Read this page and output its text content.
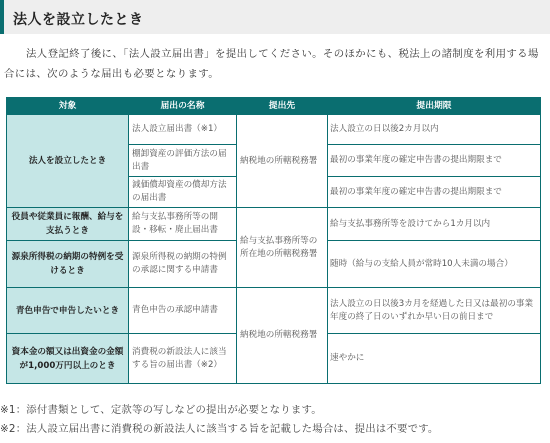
法人を設立したとき

法人登記終了後に、「法人設立届出書」を提出してください。そのほかにも、税法上の諸制度を利用する場合には、次のような届出も必要となります。

対象	届出の名称	提出先	提出期限
法人を設立したとき	法人設立届出書（※1）	納税地の所轄税務署	法人設立の日以後2カ月以内
	棚卸資産の評価方法の届出書		最初の事業年度の確定申告書の提出期限まで
	減価償却資産の償却方法の届出書		最初の事業年度の確定申告書の提出期限まで
役員や従業員に報酬、給与を支払うとき	給与支払事務所等の開設・移転・廃止届出書	給与支払事務所等の所在地の所轄税務署	給与支払事務所等を設けてから1カ月以内
源泉所得税の納期の特例を受けるとき	源泉所得税の納期の特例の承認に関する申請書		随時（給与の支給人員が常時10人未満の場合）
青色申告で申告したいとき	青色申告の承認申請書	納税地の所轄税務署	法人設立の日以後3カ月を経過した日又は最初の事業年度の終了日のいずれか早い日の前日まで
資本金の額又は出資金の金額が1,000万円以上のとき	消費税の新設法人に該当する旨の届出書（※2）		速やかに

※1：添付書類として、定款等の写しなどの提出が必要となります。

※2：法人設立届出書に消費税の新設法人に該当する旨を記載した場合は、提出は不要です。
